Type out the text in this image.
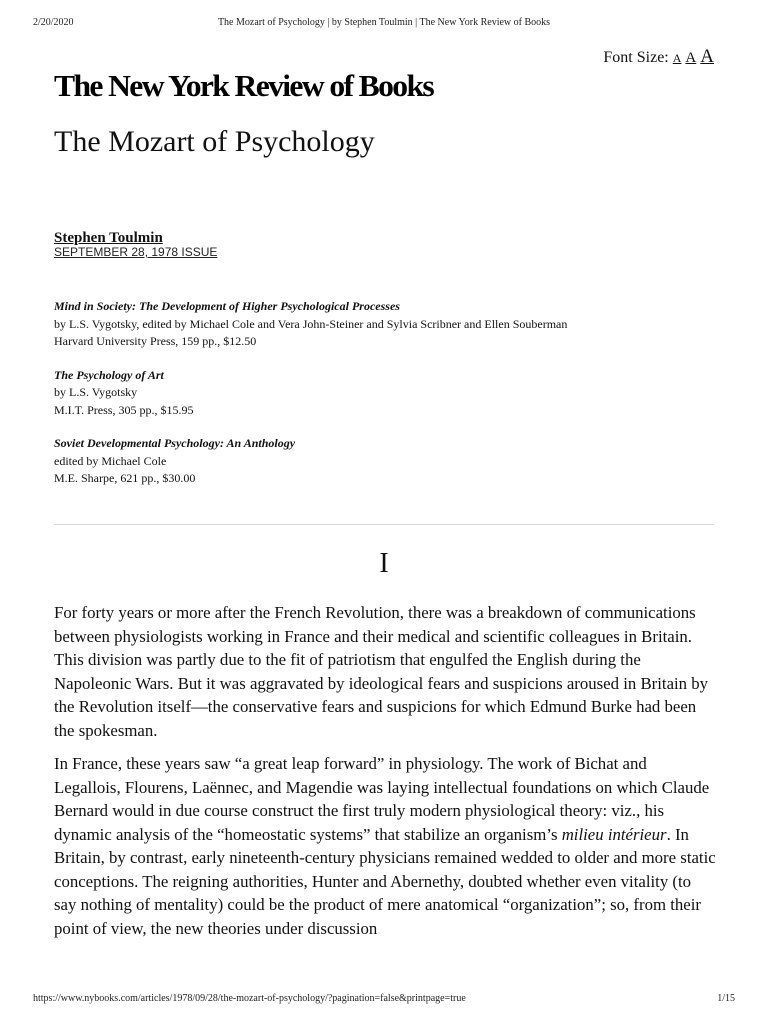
2/20/2020	The Mozart of Psychology | by Stephen Toulmin | The New York Review of Books
Font Size: A A A
The New York Review of Books
The Mozart of Psychology
Stephen Toulmin
SEPTEMBER 28, 1978 ISSUE
Mind in Society: The Development of Higher Psychological Processes
by L.S. Vygotsky, edited by Michael Cole and Vera John-Steiner and Sylvia Scribner and Ellen Souberman
Harvard University Press, 159 pp., $12.50
The Psychology of Art
by L.S. Vygotsky
M.I.T. Press, 305 pp., $15.95
Soviet Developmental Psychology: An Anthology
edited by Michael Cole
M.E. Sharpe, 621 pp., $30.00
I

For forty years or more after the French Revolution, there was a breakdown of communications between physiologists working in France and their medical and scientific colleagues in Britain. This division was partly due to the fit of patriotism that engulfed the English during the Napoleonic Wars. But it was aggravated by ideological fears and suspicions aroused in Britain by the Revolution itself—the conservative fears and suspicions for which Edmund Burke had been the spokesman.

In France, these years saw “a great leap forward” in physiology. The work of Bichat and Legallois, Flourens, Laënnec, and Magendie was laying intellectual foundations on which Claude Bernard would in due course construct the first truly modern physiological theory: viz., his dynamic analysis of the “homeostatic systems” that stabilize an organism’s milieu intérieur. In Britain, by contrast, early nineteenth-century physicians remained wedded to older and more static conceptions. The reigning authorities, Hunter and Abernethy, doubted whether even vitality (to say nothing of mentality) could be the product of mere anatomical “organization”; so, from their point of view, the new theories under discussion

https://www.nybooks.com/articles/1978/09/28/the-mozart-of-psychology/?pagination=false&printpage=true	1/15
